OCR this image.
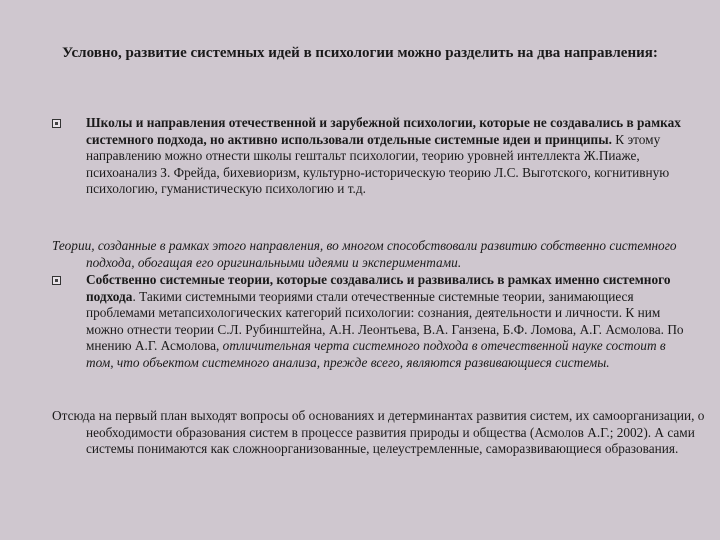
Условно, развитие системных идей в психологии можно разделить на два направления:
Школы и направления отечественной и зарубежной психологии, которые не создавались в рамках системного подхода, но активно использовали отдельные системные идеи и принципы. К этому направлению можно отнести школы гештальт психологии, теорию уровней интеллекта Ж.Пиаже, психоанализ З. Фрейда, бихевиоризм, культурно-историческую теорию Л.С. Выготского, когнитивную психологию, гуманистическую психологию и т.д.
Теории, созданные в рамках этого направления, во многом способствовали развитию собственно системного подхода, обогащая его оригинальными идеями и экспериментами.
Собственно системные теории, которые создавались и развивались в рамках именно системного подхода. Такими системными теориями стали отечественные системные теории, занимающиеся проблемами метапсихологических категорий психологии: сознания, деятельности и личности. К ним можно отнести теории С.Л. Рубинштейна, А.Н. Леонтьева, В.А. Ганзена, Б.Ф. Ломова, А.Г. Асмолова. По мнению А.Г. Асмолова, отличительная черта системного подхода в отечественной науке состоит в том, что объектом системного анализа, прежде всего, являются развивающиеся системы.
Отсюда на первый план выходят вопросы об основаниях и детерминантах развития систем, их самоорганизации, о необходимости образования систем в процессе развития природы и общества (Асмолов А.Г.; 2002). А сами системы понимаются как сложноорганизованные, целеустремленные, саморазвивающиеся образования.
